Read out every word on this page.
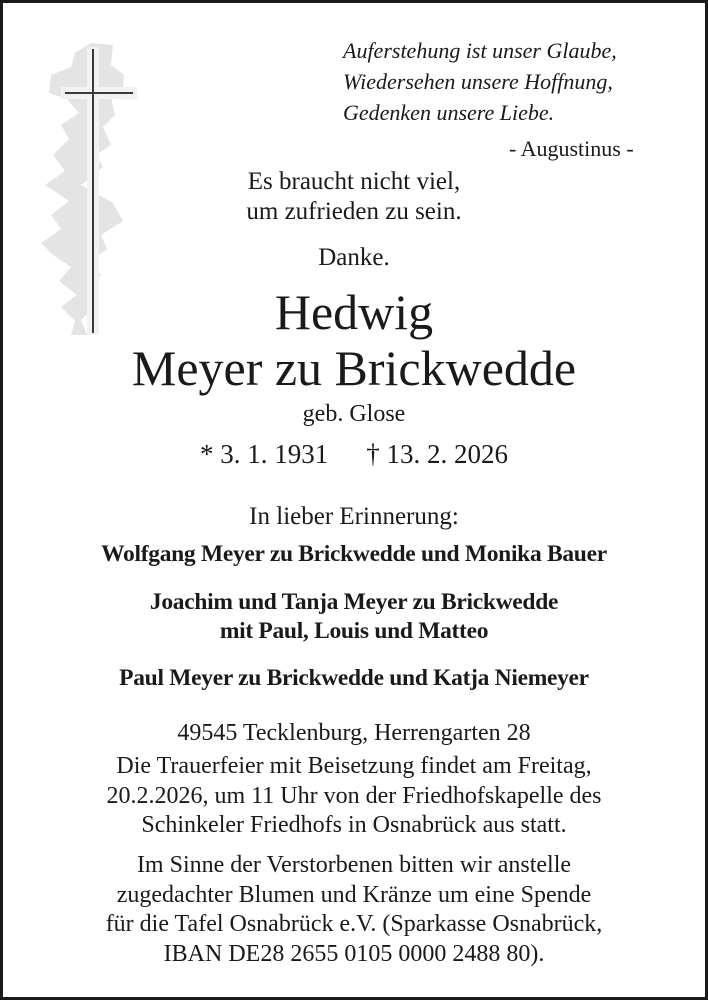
Auferstehung ist unser Glaube,
Wiedersehen unsere Hoffnung,
Gedenken unsere Liebe.
- Augustinus -
Es braucht nicht viel,
um zufrieden zu sein.
Danke.
Hedwig
Meyer zu Brickwedde
geb. Glose
* 3. 1. 1931 † 13. 2. 2026
In lieber Erinnerung:
Wolfgang Meyer zu Brickwedde und Monika Bauer
Joachim und Tanja Meyer zu Brickwedde
mit Paul, Louis und Matteo
Paul Meyer zu Brickwedde und Katja Niemeyer
49545 Tecklenburg, Herrengarten 28
Die Trauerfeier mit Beisetzung findet am Freitag,
20.2.2026, um 11 Uhr von der Friedhofskapelle des
Schinkeler Friedhofs in Osnabrück aus statt.
Im Sinne der Verstorbenen bitten wir anstelle
zugedachter Blumen und Kränze um eine Spende
für die Tafel Osnabrück e.V. (Sparkasse Osnabrück,
IBAN DE28 2655 0105 0000 2488 80).
